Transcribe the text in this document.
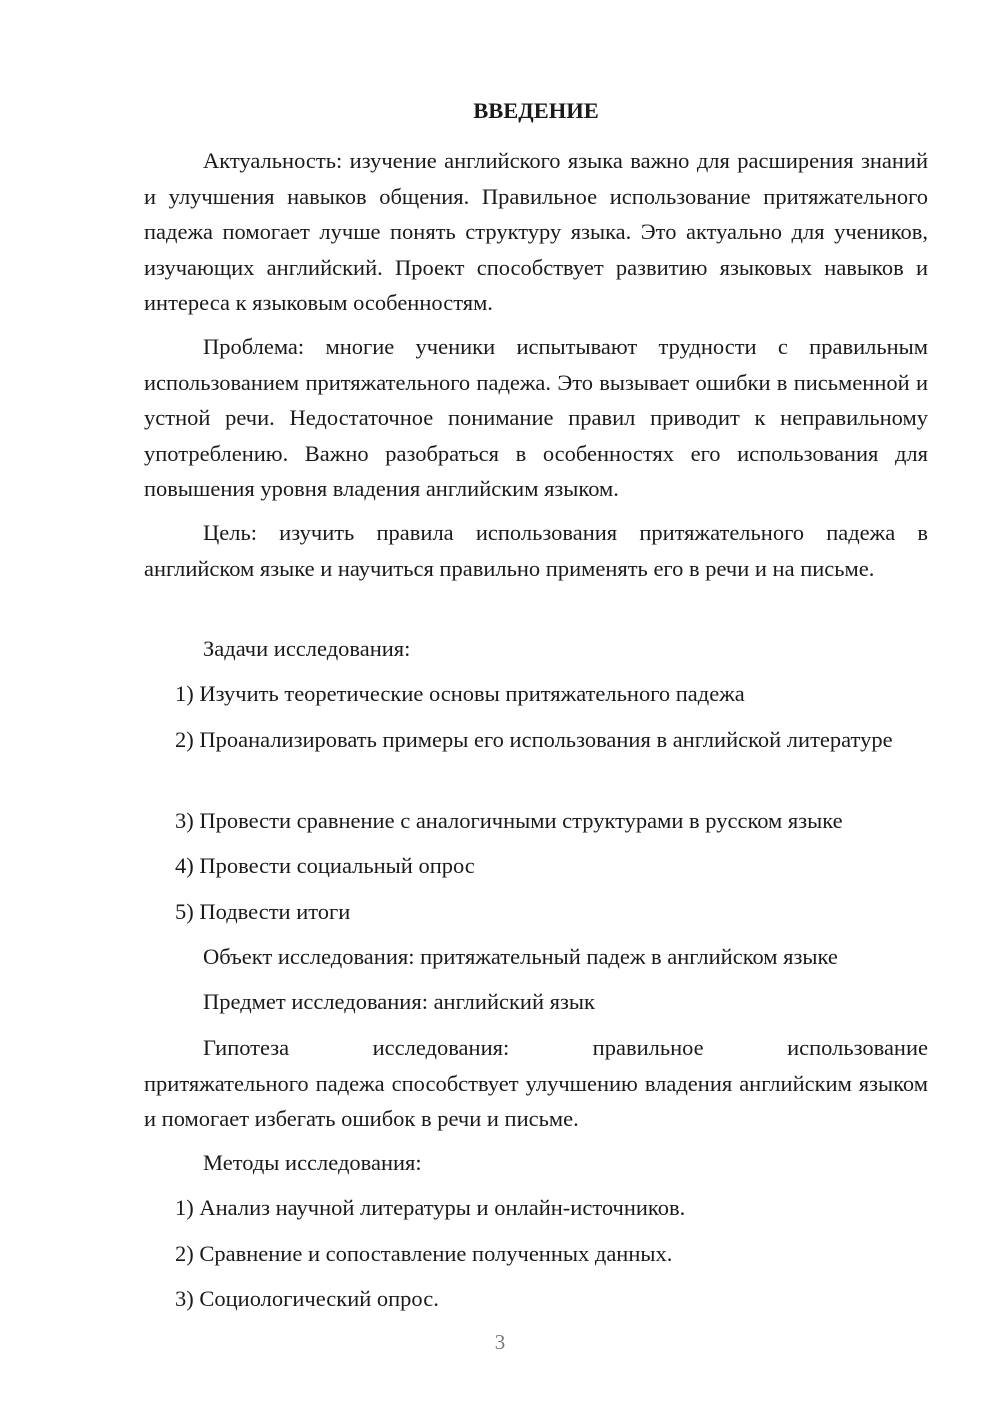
ВВЕДЕНИЕ

Актуальность: изучение английского языка важно для расширения знаний и улучшения навыков общения. Правильное использование притяжательного падежа помогает лучше понять структуру языка. Это актуально для учеников, изучающих английский. Проект способствует развитию языковых навыков и интереса к языковым особенностям.

Проблема: многие ученики испытывают трудности с правильным использованием притяжательного падежа. Это вызывает ошибки в письменной и устной речи. Недостаточное понимание правил приводит к неправильному употреблению. Важно разобраться в особенностях его использования для повышения уровня владения английским языком.

Цель: изучить правила использования притяжательного падежа в английском языке и научиться правильно применять его в речи и на письме.

Задачи исследования:

1) Изучить теоретические основы притяжательного падежа

2) Проанализировать примеры его использования в английской литературе

3) Провести сравнение с аналогичными структурами в русском языке

4) Провести социальный опрос

5) Подвести итоги

Объект исследования: притяжательный падеж в английском языке

Предмет исследования: английский язык

Гипотеза	исследования:	правильное	использование
притяжательного падежа способствует улучшению владения английским языком и помогает избегать ошибок в речи и письме.

Методы исследования:

1) Анализ научной литературы и онлайн-источников.

2) Сравнение и сопоставление полученных данных.

3) Социологический опрос.

3
